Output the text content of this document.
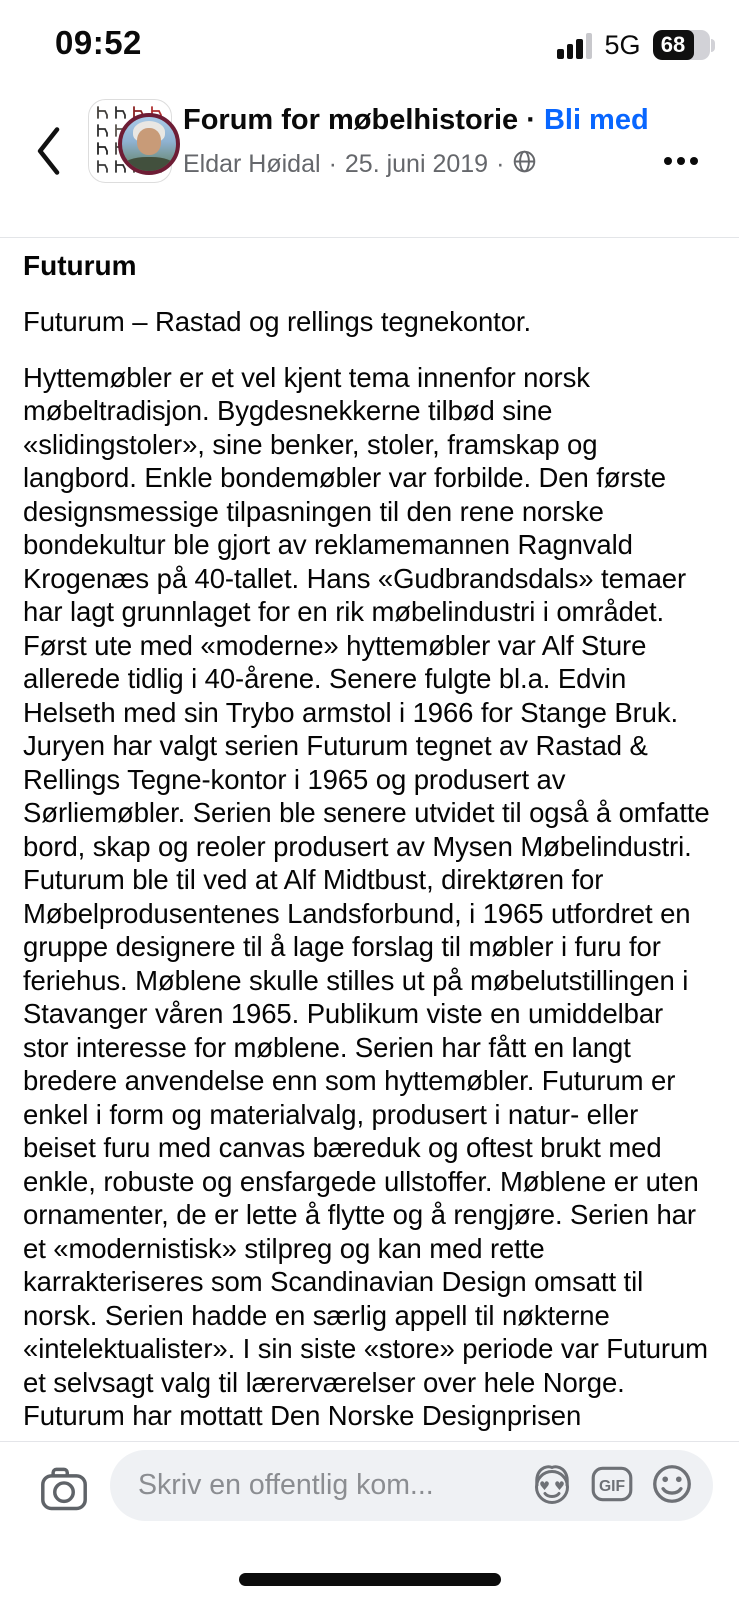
09:52	5G 68
Forum for møbelhistorie · Bli med
Eldar Høidal · 25. juni 2019 ·
Futurum

Futurum – Rastad og rellings tegnekontor.

Hyttemøbler er et vel kjent tema innenfor norsk møbeltradisjon. Bygdesnekkerne tilbød sine «slidingstoler», sine benker, stoler, framskap og langbord. Enkle bondemøbler var forbilde. Den første designsmessige tilpasningen til den rene norske bondekultur ble gjort av reklamemannen Ragnvald Krogenæs på 40-tallet. Hans «Gudbrandsdals» temaer har lagt grunnlaget for en rik møbelindustri i området. Først ute med «moderne» hyttemøbler var Alf Sture allerede tidlig i 40-årene. Senere fulgte bl.a. Edvin Helseth med sin Trybo armstol i 1966 for Stange Bruk. Juryen har valgt serien Futurum tegnet av Rastad & Rellings Tegne-kontor i 1965 og produsert av Sørliemøbler. Serien ble senere utvidet til også å omfatte bord, skap og reoler produsert av Mysen Møbelindustri. Futurum ble til ved at Alf Midtbust, direktøren for Møbelprodusentenes Landsforbund, i 1965 utfordret en gruppe designere til å lage forslag til møbler i furu for feriehus. Møblene skulle stilles ut på møbelutstillingen i Stavanger våren 1965. Publikum viste en umiddelbar stor interesse for møblene. Serien har fått en langt bredere anvendelse enn som hyttemøbler. Futurum er enkel i form og materialvalg, produsert i natur- eller beiset furu med canvas bæreduk og oftest brukt med enkle, robuste og ensfargede ullstoffer. Møblene er uten ornamenter, de er lette å flytte og å rengjøre. Serien har et «modernistisk» stilpreg og kan med rette karrakteriseres som Scandinavian Design omsatt til norsk. Serien hadde en særlig appell til nøkterne «intelektualister». I sin siste «store» periode var Futurum et selvsagt valg til lærerværelser over hele Norge. Futurum har mottatt Den Norske Designprisen

Skriv en offentlig kom...	♥ ♥ GIF
